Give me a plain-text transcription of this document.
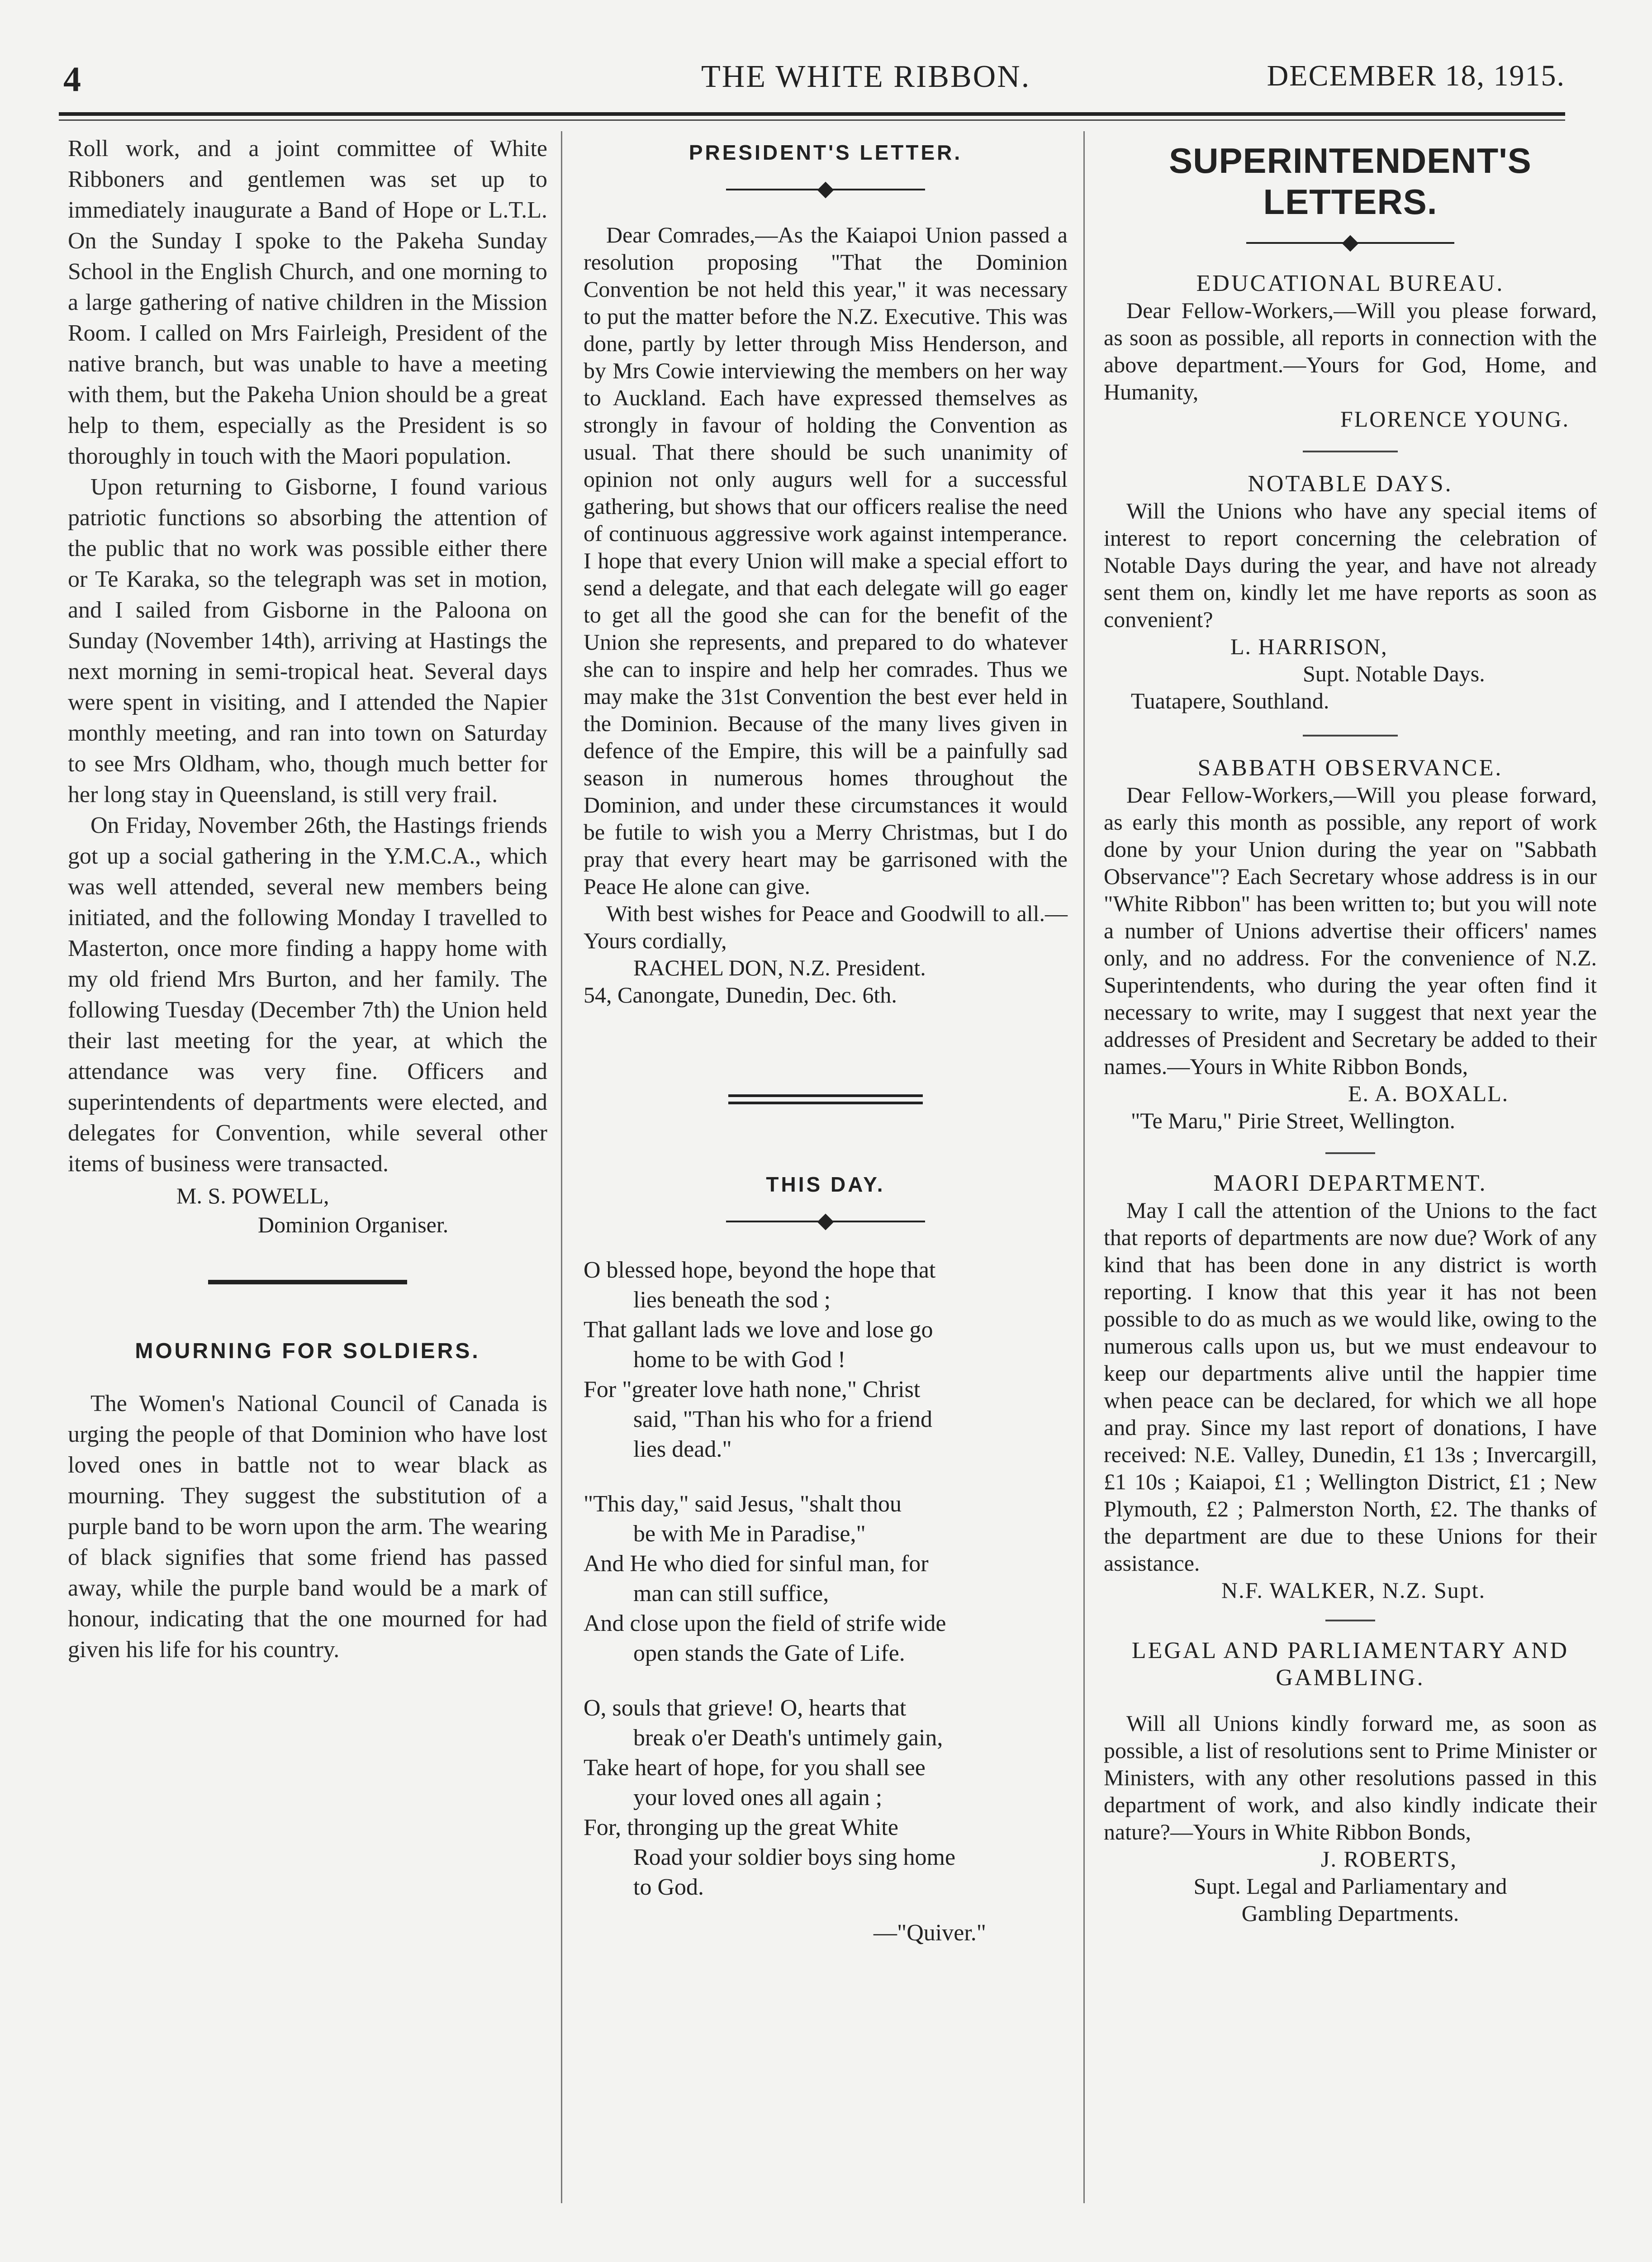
4	THE WHITE RIBBON.	DECEMBER 18, 1915.

Roll work, and a joint committee of White Ribboners and gentlemen was set up to immediately inaugurate a Band of Hope or L.T.L. On the Sunday I spoke to the Pakeha Sunday School in the English Church, and one morning to a large gathering of native children in the Mission Room. I called on Mrs Fairleigh, President of the native branch, but was unable to have a meeting with them, but the Pakeha Union should be a great help to them, especially as the President is so thoroughly in touch with the Maori population.

Upon returning to Gisborne, I found various patriotic functions so absorbing the attention of the public that no work was possible either there or Te Karaka, so the telegraph was set in motion, and I sailed from Gisborne in the Paloona on Sunday (November 14th), arriving at Hastings the next morning in semi-tropical heat. Several days were spent in visiting, and I attended the Napier monthly meeting, and ran into town on Saturday to see Mrs Oldham, who, though much better for her long stay in Queensland, is still very frail.

On Friday, November 26th, the Hastings friends got up a social gathering in the Y.M.C.A., which was well attended, several new members being initiated, and the following Monday I travelled to Masterton, once more finding a happy home with my old friend Mrs Burton, and her family. The following Tuesday (December 7th) the Union held their last meeting for the year, at which the attendance was very fine. Officers and superintendents of departments were elected, and delegates for Convention, while several other items of business were transacted.

M. S. POWELL,

Dominion Organiser.

MOURNING FOR SOLDIERS.

The Women's National Council of Canada is urging the people of that Dominion who have lost loved ones in battle not to wear black as mourning. They suggest the substitution of a purple band to be worn upon the arm. The wearing of black signifies that some friend has passed away, while the purple band would be a mark of honour, indicating that the one mourned for had given his life for his country.

PRESIDENT'S LETTER.

Dear Comrades,—As the Kaiapoi Union passed a resolution proposing "That the Dominion Convention be not held this year," it was necessary to put the matter before the N.Z. Executive. This was done, partly by letter through Miss Henderson, and by Mrs Cowie interviewing the members on her way to Auckland. Each have expressed themselves as strongly in favour of holding the Convention as usual. That there should be such unanimity of opinion not only augurs well for a successful gathering, but shows that our officers realise the need of continuous aggressive work against intemperance. I hope that every Union will make a special effort to send a delegate, and that each delegate will go eager to get all the good she can for the benefit of the Union she represents, and prepared to do whatever she can to inspire and help her comrades. Thus we may make the 31st Convention the best ever held in the Dominion. Because of the many lives given in defence of the Empire, this will be a painfully sad season in numerous homes throughout the Dominion, and under these circumstances it would be futile to wish you a Merry Christmas, but I do pray that every heart may be garrisoned with the Peace He alone can give.

With best wishes for Peace and Goodwill to all.—Yours cordially,

RACHEL DON, N.Z. President.

54, Canongate, Dunedin, Dec. 6th.

THIS DAY.
O blessed hope, beyond the hope that
lies beneath the sod ;
That gallant lads we love and lose go
home to be with God !
For "greater love hath none," Christ
said, "Than his who for a friend
lies dead."
"This day," said Jesus, "shalt thou
be with Me in Paradise,"
And He who died for sinful man, for
man can still suffice,
And close upon the field of strife wide
open stands the Gate of Life.
O, souls that grieve! O, hearts that
break o'er Death's untimely gain,
Take heart of hope, for you shall see
your loved ones all again ;
For, thronging up the great White
Road your soldier boys sing home
to God.

—"Quiver."

SUPERINTENDENT'S LETTERS.
EDUCATIONAL BUREAU.

Dear Fellow-Workers,—Will you please forward, as soon as possible, all reports in connection with the above department.—Yours for God, Home, and Humanity,

FLORENCE YOUNG.

NOTABLE DAYS.

Will the Unions who have any special items of interest to report concerning the celebration of Notable Days during the year, and have not already sent them on, kindly let me have reports as soon as convenient?

L. HARRISON,

Supt. Notable Days.

Tuatapere, Southland.

SABBATH OBSERVANCE.

Dear Fellow-Workers,—Will you please forward, as early this month as possible, any report of work done by your Union during the year on "Sabbath Observance"? Each Secretary whose address is in our "White Ribbon" has been written to; but you will note a number of Unions advertise their officers' names only, and no address. For the convenience of N.Z. Superintendents, who during the year often find it necessary to write, may I suggest that next year the addresses of President and Secretary be added to their names.—Yours in White Ribbon Bonds,

E. A. BOXALL.

"Te Maru," Pirie Street, Wellington.

MAORI DEPARTMENT.

May I call the attention of the Unions to the fact that reports of departments are now due? Work of any kind that has been done in any district is worth reporting. I know that this year it has not been possible to do as much as we would like, owing to the numerous calls upon us, but we must endeavour to keep our departments alive until the happier time when peace can be declared, for which we all hope and pray. Since my last report of donations, I have received: N.E. Valley, Dunedin, £1 13s ; Invercargill, £1 10s ; Kaiapoi, £1 ; Wellington District, £1 ; New Plymouth, £2 ; Palmerston North, £2. The thanks of the department are due to these Unions for their assistance.

N.F. WALKER, N.Z. Supt.

LEGAL AND PARLIAMENTARY AND GAMBLING.

Will all Unions kindly forward me, as soon as possible, a list of resolutions sent to Prime Minister or Ministers, with any other resolutions passed in this department of work, and also kindly indicate their nature?—Yours in White Ribbon Bonds,

J. ROBERTS,

Supt. Legal and Parliamentary and Gambling Departments.
